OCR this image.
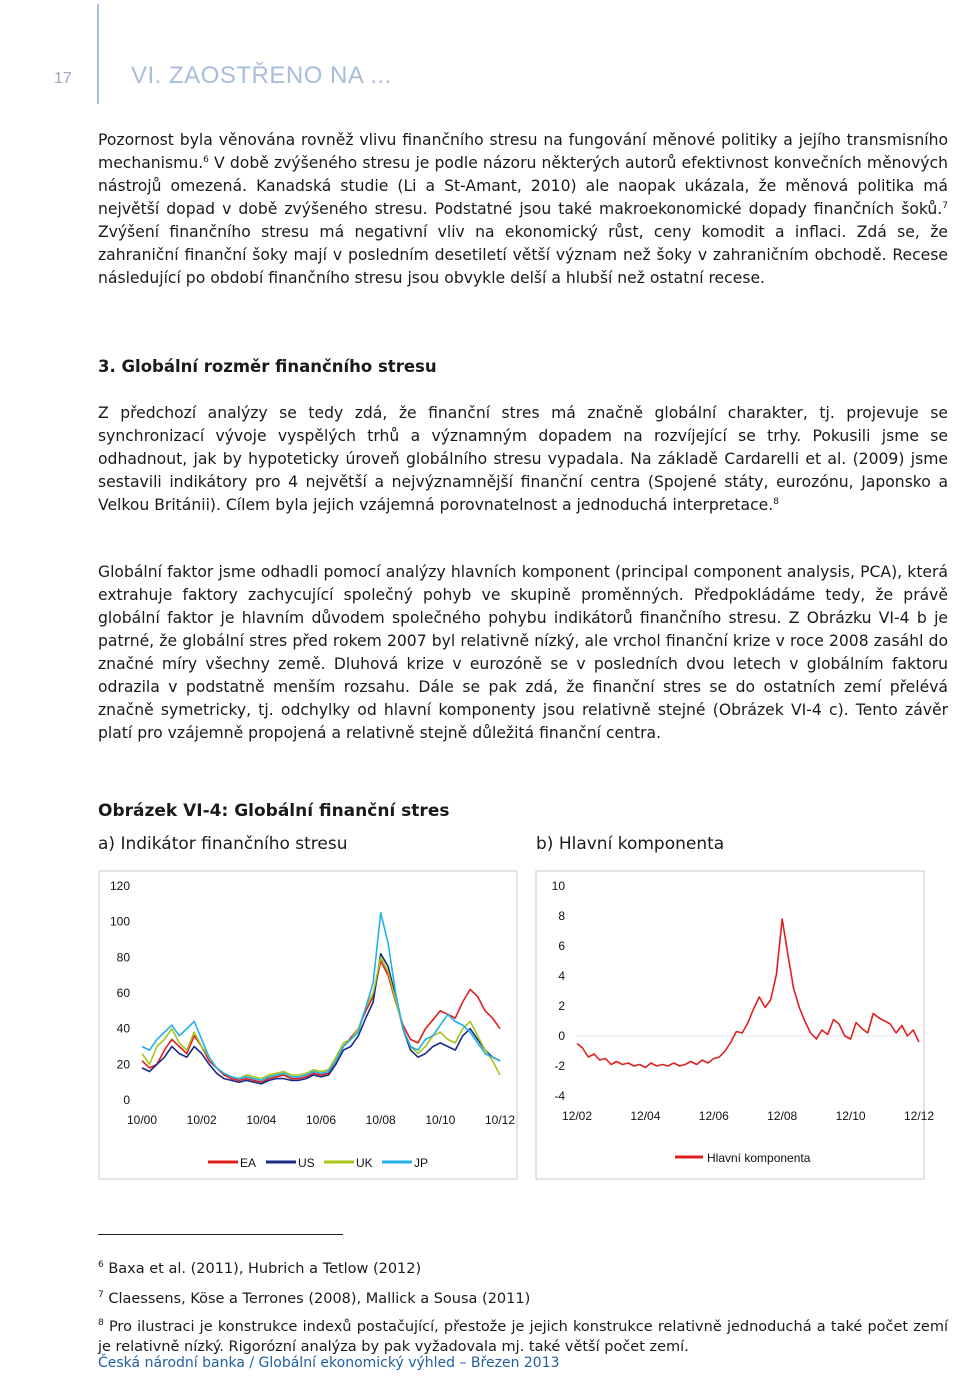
17 VI. ZAOSTŘENO NA ...

Pozornost byla věnována rovněž vlivu finančního stresu na fungování měnové politiky a jejího transmisního mechanismu.$^6$ V době zvýšeného stresu je podle názoru některých autorů efektivnost konvečních měnových nástrojů omezená. Kanadská studie (Li a St-Amant, 2010) ale naopak ukázala, že měnová politika má největší dopad v době zvýšeného stresu. Podstatné jsou také makroekonomické dopady finančních šoků.$^7$ Zvýšení finančního stresu má negativní vliv na ekonomický růst, ceny komodit a inflaci. Zdá se, že zahraniční finanční šoky mají v posledním desetiletí větší význam než šoky v zahraničním obchodě. Recese následující po období finančního stresu jsou obvykle delší a hlubší než ostatní recese.

3. Globální rozměr finančního stresu

Z předchozí analýzy se tedy zdá, že finanční stres má značně globální charakter, tj. projevuje se synchronizací vývoje vyspělých trhů a významným dopadem na rozvíjející se trhy. Pokusili jsme se odhadnout, jak by hypoteticky úroveň globálního stresu vypadala. Na základě Cardarelli et al. (2009) jsme sestavili indikátory pro 4 největší a nejvýznamnější finanční centra (Spojené státy, eurozónu, Japonsko a Velkou Británii). Cílem byla jejich vzájemná porovnatelnost a jednoduchá interpretace.$^8$

Globální faktor jsme odhadli pomocí analýzy hlavních komponent (principal component analysis, PCA), která extrahuje faktory zachycující společný pohyb ve skupině proměnných. Předpokládáme tedy, že právě globální faktor je hlavním důvodem společného pohybu indikátorů finančního stresu. Z Obrázku VI-4 b je patrné, že globální stres před rokem 2007 byl relativně nízký, ale vrchol finanční krize v roce 2008 zasáhl do značné míry všechny země. Dluhová krize v eurozóně se v posledních dvou letech v globálním faktoru odrazila v podstatně menším rozsahu. Dále se pak zdá, že finanční stres se do ostatních zemí přelévá značně symetricky, tj. odchylky od hlavní komponenty jsou relativně stejné (Obrázek VI-4 c). Tento závěr platí pro vzájemně propojená a relativně stejně důležitá finanční centra.

Obrázek VI-4: Globální finanční stres
a) Indikátor finančního stresu	b) Hlavní komponenta
0
20
40
60
80
100
120
10/00 10/02 10/04 10/06 10/08 10/10 10/12
EA	US	UK	JP
-4
-2
0
2
4
6
8
10
12/02	12/04	12/06	12/08	12/10	12/12
Hlavní komponenta

$^6$ Baxa et al. (2011), Hubrich a Tetlow (2012)

$^7$ Claessens, Köse a Terrones (2008), Mallick a Sousa (2011)

$^8$ Pro ilustraci je konstrukce indexů postačující, přestože je jejich konstrukce relativně jednoduchá a také počet zemí je relativně nízký. Rigorózní analýza by pak vyžadovala mj. také větší počet zemí.

Česká národní banka / Globální ekonomický výhled – Březen 2013
